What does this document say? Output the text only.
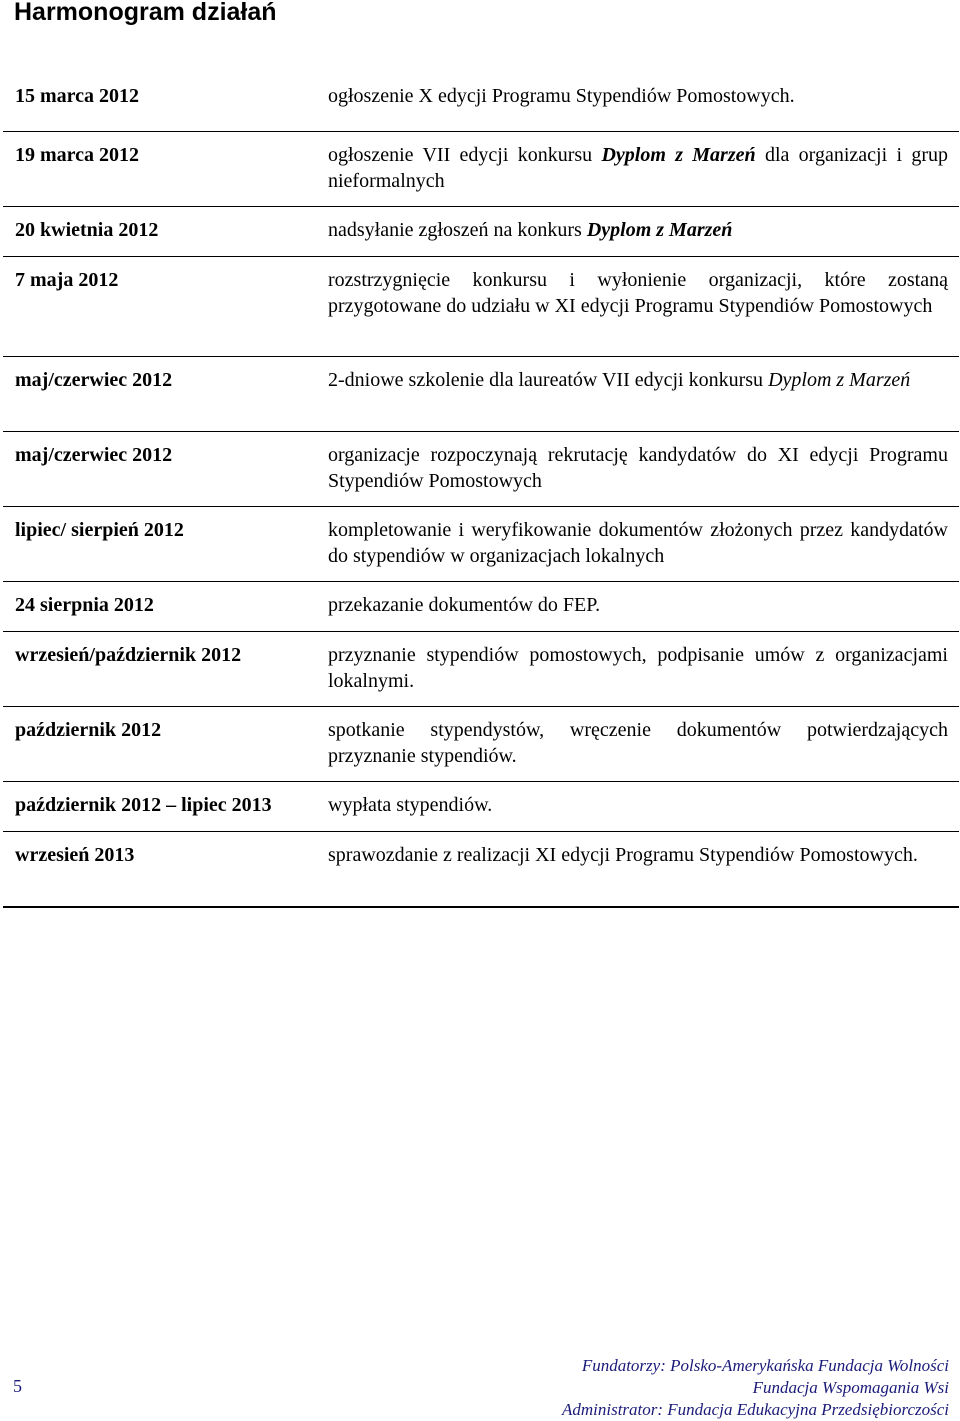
Harmonogram działań
15 marca 2012	ogłoszenie X edycji Programu Stypendiów Pomostowych.
19 marca 2012	ogłoszenie VII edycji konkursu Dyplom z Marzeń dla organizacji i grup nieformalnych
20 kwietnia 2012	nadsyłanie zgłoszeń na konkurs Dyplom z Marzeń
7 maja 2012	rozstrzygnięcie konkursu i wyłonienie organizacji, które zostaną przygotowane do udziału w XI edycji Programu Stypendiów Pomostowych
maj/czerwiec 2012	2-dniowe szkolenie dla laureatów VII edycji konkursu Dyplom z Marzeń
maj/czerwiec 2012	organizacje rozpoczynają rekrutację kandydatów do XI edycji Programu Stypendiów Pomostowych
lipiec/ sierpień 2012	kompletowanie i weryfikowanie dokumentów złożonych przez kandydatów do stypendiów w organizacjach lokalnych
24 sierpnia 2012	przekazanie dokumentów do FEP.
wrzesień/październik 2012	przyznanie stypendiów pomostowych, podpisanie umów z organizacjami lokalnymi.
październik 2012	spotkanie stypendystów, wręczenie dokumentów potwierdzających przyznanie stypendiów.
październik 2012 – lipiec 2013	wypłata stypendiów.
wrzesień 2013	sprawozdanie z realizacji XI edycji Programu Stypendiów Pomostowych.
5
Fundatorzy: Polsko-Amerykańska Fundacja Wolności
Fundacja Wspomagania Wsi
Administrator: Fundacja Edukacyjna Przedsiębiorczości
